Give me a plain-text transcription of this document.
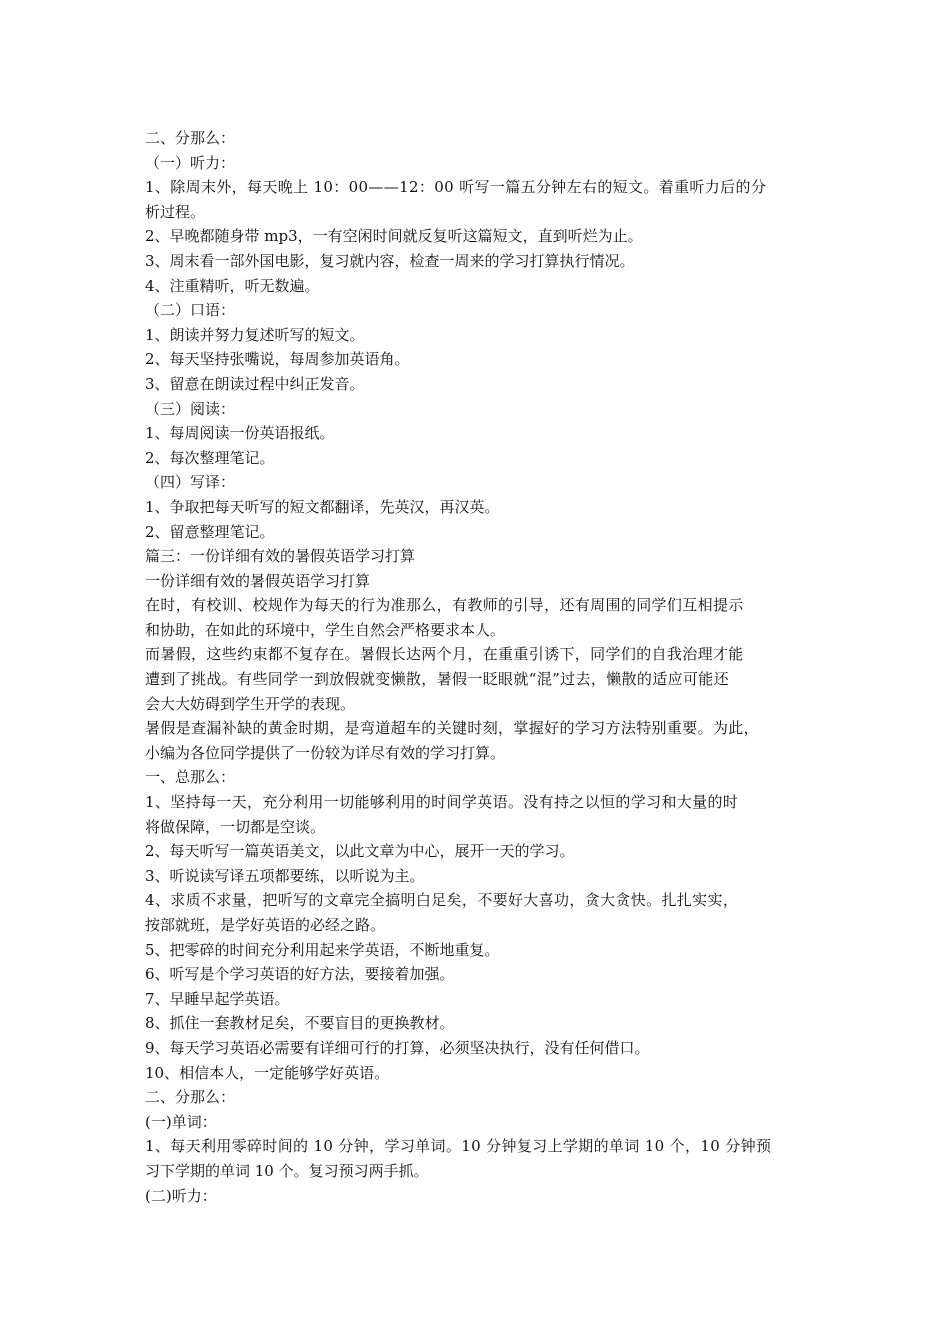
二、分那么：
（一）听力：
1、除周末外，每天晚上 10：00——12：00 听写一篇五分钟左右的短文。着重听力后的分
析过程。
2、早晚都随身带 mp3，一有空闲时间就反复听这篇短文，直到听烂为止。
3、周末看一部外国电影，复习就内容，检查一周来的学习打算执行情况。
4、注重精听，听无数遍。
（二）口语：
1、朗读并努力复述听写的短文。
2、每天坚持张嘴说，每周参加英语角。
3、留意在朗读过程中纠正发音。
（三）阅读：
1、每周阅读一份英语报纸。
2、每次整理笔记。
（四）写译：
1、争取把每天听写的短文都翻译，先英汉，再汉英。
2、留意整理笔记。
篇三：一份详细有效的暑假英语学习打算
一份详细有效的暑假英语学习打算
在时，有校训、校规作为每天的行为准那么，有教师的引导，还有周围的同学们互相提示
和协助，在如此的环境中，学生自然会严格要求本人。
而暑假，这些约束都不复存在。暑假长达两个月，在重重引诱下，同学们的自我治理才能
遭到了挑战。有些同学一到放假就变懒散，暑假一眨眼就“混”过去，懒散的适应可能还
会大大妨碍到学生开学的表现。
暑假是查漏补缺的黄金时期，是弯道超车的关键时刻，掌握好的学习方法特别重要。为此，
小编为各位同学提供了一份较为详尽有效的学习打算。
一、总那么：
1、坚持每一天，充分利用一切能够利用的时间学英语。没有持之以恒的学习和大量的时
将做保障，一切都是空谈。
2、每天听写一篇英语美文，以此文章为中心，展开一天的学习。
3、听说读写译五项都要练，以听说为主。
4、求质不求量，把听写的文章完全搞明白足矣，不要好大喜功，贪大贪快。扎扎实实，
按部就班，是学好英语的必经之路。
5、把零碎的时间充分利用起来学英语，不断地重复。
6、听写是个学习英语的好方法，要接着加强。
7、早睡早起学英语。
8、抓住一套教材足矣，不要盲目的更换教材。
9、每天学习英语必需要有详细可行的打算，必须坚决执行，没有任何借口。
10、相信本人，一定能够学好英语。
二、分那么：
(一)单词：
1、每天利用零碎时间的 10 分钟，学习单词。10 分钟复习上学期的单词 10 个，10 分钟预
习下学期的单词 10 个。复习预习两手抓。
(二)听力：
